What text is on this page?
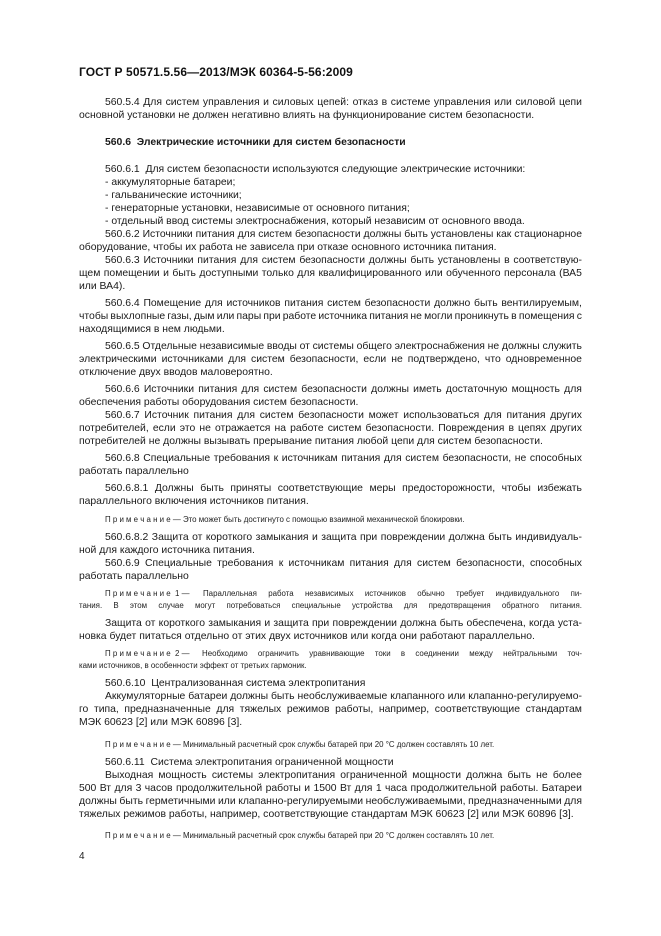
ГОСТ Р 50571.5.56—2013/МЭК 60364-5-56:2009
560.5.4 Для систем управления и силовых цепей: отказ в системе управления или силовой цепи
основной установки не должен негативно влиять на функционирование систем безопасности.
560.6  Электрические источники для систем безопасности
560.6.1  Для систем безопасности используются следующие электрические источники:
- аккумуляторные батареи;
- гальванические источники;
- генераторные установки, независимые от основного питания;
- отдельный ввод системы электроснабжения, который независим от основного ввода.
560.6.2 Источники питания для систем безопасности должны быть установлены как стационарное
оборудование, чтобы их работа не зависела при отказе основного источника питания.
560.6.3 Источники питания для систем безопасности должны быть установлены в соответствую-
щем помещении и быть доступными только для квалифицированного или обученного персонала (ВА5
или ВА4).
560.6.4 Помещение для источников питания систем безопасности должно быть вентилируемым,
чтобы выхлопные газы, дым или пары при работе источника питания не могли проникнуть в помещения с
находящимися в нем людьми.
560.6.5 Отдельные независимые вводы от системы общего электроснабжения не должны служить
электрическими источниками для систем безопасности, если не подтверждено, что одновременное
отключение двух вводов маловероятно.
560.6.6 Источники питания для систем безопасности должны иметь достаточную мощность для
обеспечения работы оборудования систем безопасности.
560.6.7 Источник питания для систем безопасности может использоваться для питания других
потребителей, если это не отражается на работе систем безопасности. Повреждения в цепях других
потребителей не должны вызывать прерывание питания любой цепи для систем безопасности.
560.6.8 Специальные требования к источникам питания для систем безопасности, не способных
работать параллельно
560.6.8.1 Должны быть приняты соответствующие меры предосторожности, чтобы избежать
параллельного включения источников питания.
П р и м е ч а н и е — Это может быть достигнуто с помощью взаимной механической блокировки.
560.6.8.2 Защита от короткого замыкания и защита при повреждении должна быть индивидуаль-
ной для каждого источника питания.
560.6.9 Специальные требования к источникам питания для систем безопасности, способных
работать параллельно
П р и м е ч а н и е  1 — Параллельная работа независимых источников обычно требует индивидуального пи-
тания. В этом случае могут потребоваться специальные устройства для предотвращения обратного питания.
Защита от короткого замыкания и защита при повреждении должна быть обеспечена, когда уста-
новка будет питаться отдельно от этих двух источников или когда они работают параллельно.
П р и м е ч а н и е  2 — Необходимо ограничить уравнивающие токи в соединении между нейтральными точ-
ками источников, в особенности эффект от третьих гармоник.
560.6.10  Централизованная система электропитания
Аккумуляторные батареи должны быть необслуживаемые клапанного или клапанно-регулируемо-
го типа, предназначенные для тяжелых режимов работы, например, соответствующие стандартам
МЭК 60623 [2] или МЭК 60896 [3].
П р и м е ч а н и е — Минимальный расчетный срок службы батарей при 20 °С должен составлять 10 лет.
560.6.11  Система электропитания ограниченной мощности
Выходная мощность системы электропитания ограниченной мощности должна быть не более
500 Вт для 3 часов продолжительной работы и 1500 Вт для 1 часа продолжительной работы. Батареи
должны быть герметичными или клапанно-регулируемыми необслуживаемыми, предназначенными для
тяжелых режимов работы, например, соответствующие стандартам МЭК 60623 [2] или МЭК 60896 [3].
П р и м е ч а н и е — Минимальный расчетный срок службы батарей при 20 °С должен составлять 10 лет.
4
